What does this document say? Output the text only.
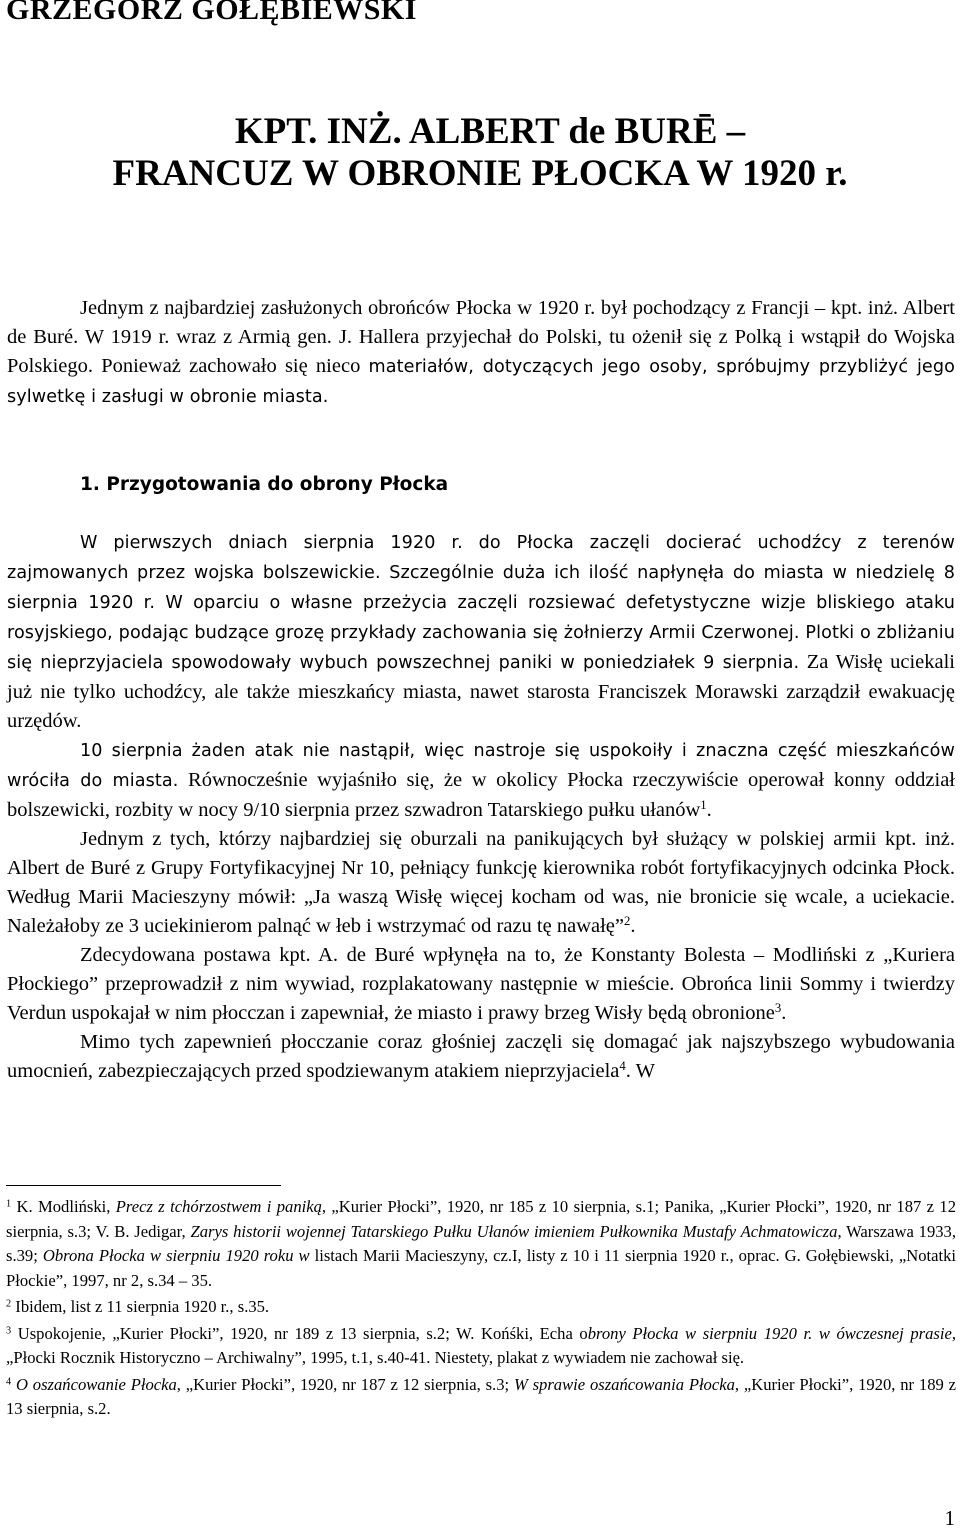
GRZEGORZ GOŁĘBIEWSKI
KPT. INŻ. ALBERT de BURĒ –
FRANCUZ W OBRONIE PŁOCKA W 1920 r.

Jednym z najbardziej zasłużonych obrońców Płocka w 1920 r. był pochodzący z Francji – kpt. inż. Albert de Buré. W 1919 r. wraz z Armią gen. J. Hallera przyjechał do Polski, tu ożenił się z Polką i wstąpił do Wojska Polskiego. Ponieważ zachowało się nieco materiałów, dotyczących jego osoby, spróbujmy przybliżyć jego sylwetkę i zasługi w obronie miasta.

1. Przygotowania do obrony Płocka

W pierwszych dniach sierpnia 1920 r. do Płocka zaczęli docierać uchodźcy z terenów zajmowanych przez wojska bolszewickie. Szczególnie duża ich ilość napłynęła do miasta w niedzielę 8 sierpnia 1920 r. W oparciu o własne przeżycia zaczęli rozsiewać defetystyczne wizje bliskiego ataku rosyjskiego, podając budzące grozę przykłady zachowania się żołnierzy Armii Czerwonej. Plotki o zbliżaniu się nieprzyjaciela spowodowały wybuch powszechnej paniki w poniedziałek 9 sierpnia. Za Wisłę uciekali już nie tylko uchodźcy, ale także mieszkańcy miasta, nawet starosta Franciszek Morawski zarządził ewakuację urzędów.

10 sierpnia żaden atak nie nastąpił, więc nastroje się uspokoiły i znaczna część mieszkańców wróciła do miasta. Równocześnie wyjaśniło się, że w okolicy Płocka rzeczywiście operował konny oddział bolszewicki, rozbity w nocy 9/10 sierpnia przez szwadron Tatarskiego pułku ułanów$^1$.

Jednym z tych, którzy najbardziej się oburzali na panikujących był służący w polskiej armii kpt. inż. Albert de Buré z Grupy Fortyfikacyjnej Nr 10, pełniący funkcję kierownika robót fortyfikacyjnych odcinka Płock. Według Marii Macieszyny mówił: „Ja waszą Wisłę więcej kocham od was, nie bronicie się wcale, a uciekacie. Należałoby ze 3 uciekinierom palnąć w łeb i wstrzymać od razu tę nawałę”$^2$.

Zdecydowana postawa kpt. A. de Buré wpłynęła na to, że Konstanty Bolesta – Modliński z „Kuriera Płockiego” przeprowadził z nim wywiad, rozplakatowany następnie w mieście. Obrońca linii Sommy i twierdzy Verdun uspokajał w nim płocczan i zapewniał, że miasto i prawy brzeg Wisły będą obronione$^3$.

Mimo tych zapewnień płocczanie coraz głośniej zaczęli się domagać jak najszybszego wybudowania umocnień, zabezpieczających przed spodziewanym atakiem nieprzyjaciela$^4$. W

$^1$ K. Modliński, Precz z tchórzostwem i paniką, „Kurier Płocki”, 1920, nr 185 z 10 sierpnia, s.1; Panika, „Kurier Płocki”, 1920, nr 187 z 12 sierpnia, s.3; V. B. Jedigar, Zarys historii wojennej Tatarskiego Pułku Ułanów imieniem Pułkownika Mustafy Achmatowicza, Warszawa 1933, s.39; Obrona Płocka w sierpniu 1920 roku w listach Marii Macieszyny, cz.I, listy z 10 i 11 sierpnia 1920 r., oprac. G. Gołębiewski, „Notatki Płockie”, 1997, nr 2, s.34 – 35.

$^2$ Ibidem, list z 11 sierpnia 1920 r., s.35.

$^3$ Uspokojenie, „Kurier Płocki”, 1920, nr 189 z 13 sierpnia, s.2; W. Końśki, Echa obrony Płocka w sierpniu 1920 r. w ówczesnej prasie, „Płocki Rocznik Historyczno – Archiwalny”, 1995, t.1, s.40-41. Niestety, plakat z wywiadem nie zachował się.

$^4$ O oszańcowanie Płocka, „Kurier Płocki”, 1920, nr 187 z 12 sierpnia, s.3; W sprawie oszańcowania Płocka, „Kurier Płocki”, 1920, nr 189 z 13 sierpnia, s.2.

1
